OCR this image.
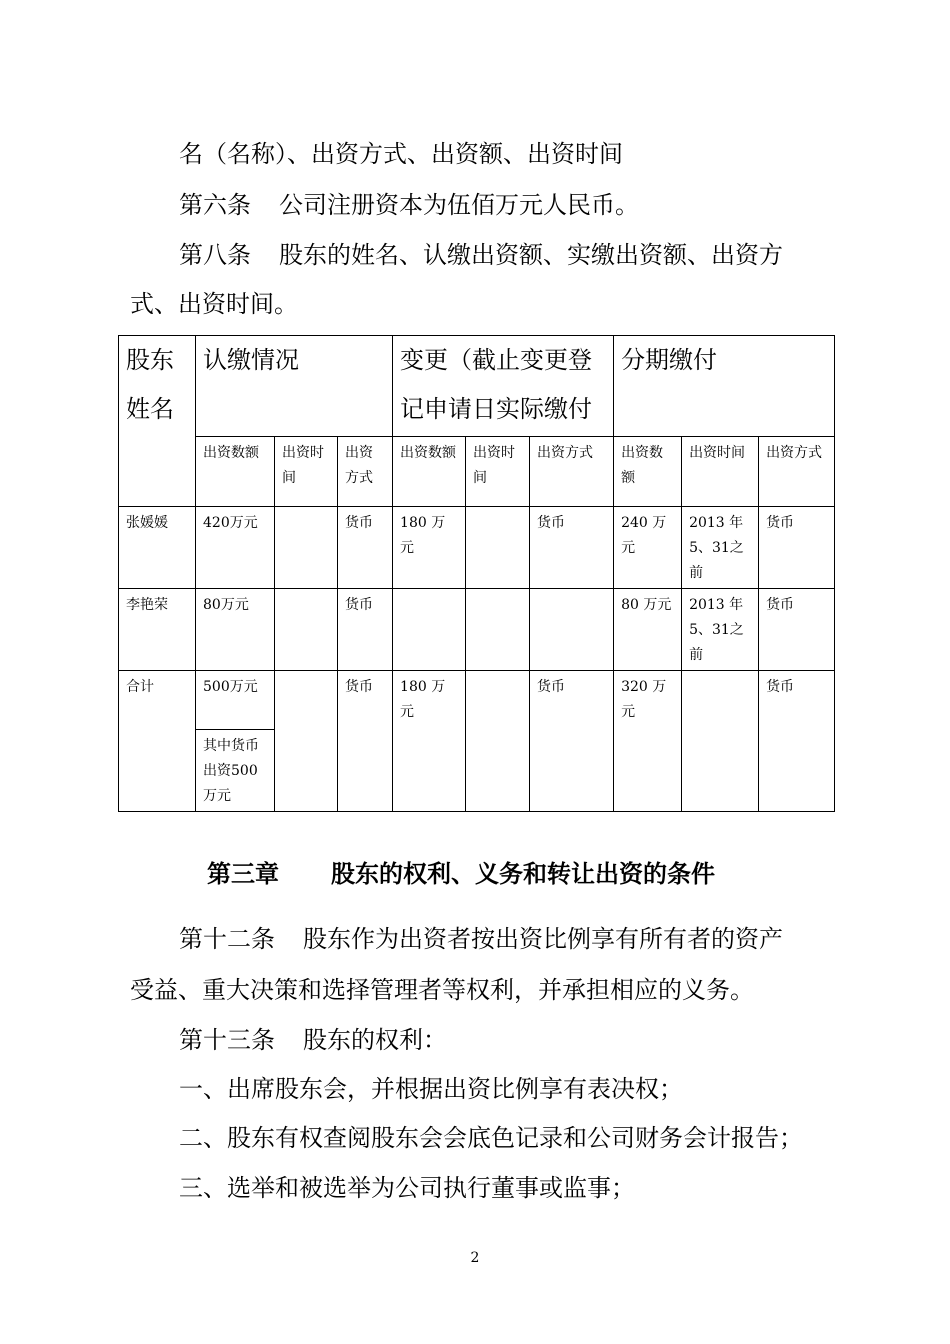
名（名称）、出资方式、出资额、出资时间
第六条 公司注册资本为伍佰万元人民币。
第八条 股东的姓名、认缴出资额、实缴出资额、出资方
式、出资时间。
股东姓名	认缴情况			变更（截止变更登记申请日实际缴付			分期缴付		
	出资数额	出资时间	出资方式	出资数额	出资时间	出资方式	出资数额	出资时间	出资方式
张媛媛	420万元		货币	180 万元		货币	240 万元	2013 年5、31之前	货币
李艳荣	80万元		货币				80 万元	2013 年5、31之前	货币
合计	500万元		货币	180 万元		货币	320 万元		货币
	其中货币出资500万元								
第三章 股东的权利、义务和转让出资的条件
第十二条 股东作为出资者按出资比例享有所有者的资产
受益、重大决策和选择管理者等权利，并承担相应的义务。
第十三条 股东的权利：
一、出席股东会，并根据出资比例享有表决权；
二、股东有权查阅股东会会底色记录和公司财务会计报告；
三、选举和被选举为公司执行董事或监事；
2
